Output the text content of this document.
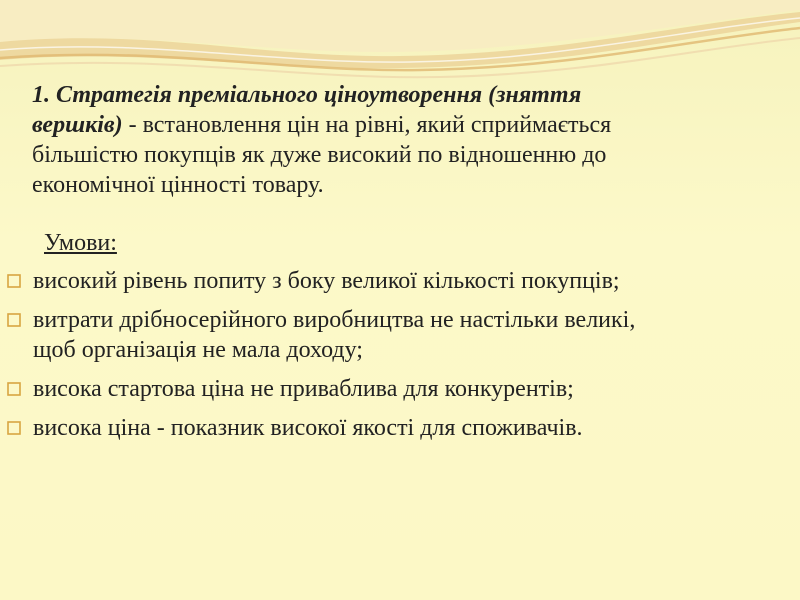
1. Стратегія преміального ціноутворення (зняття
вершків) - встановлення цін на рівні, який сприймається
більшістю покупців як дуже високий по відношенню до
економічної цінності товару.
Умови:
високий рівень попиту з боку великої кількості покупців;
витрати дрібносерійного виробництва не настільки великі,
щоб організація не мала доходу;
висока стартова ціна не приваблива для конкурентів;
висока ціна - показник високої якості для споживачів.
